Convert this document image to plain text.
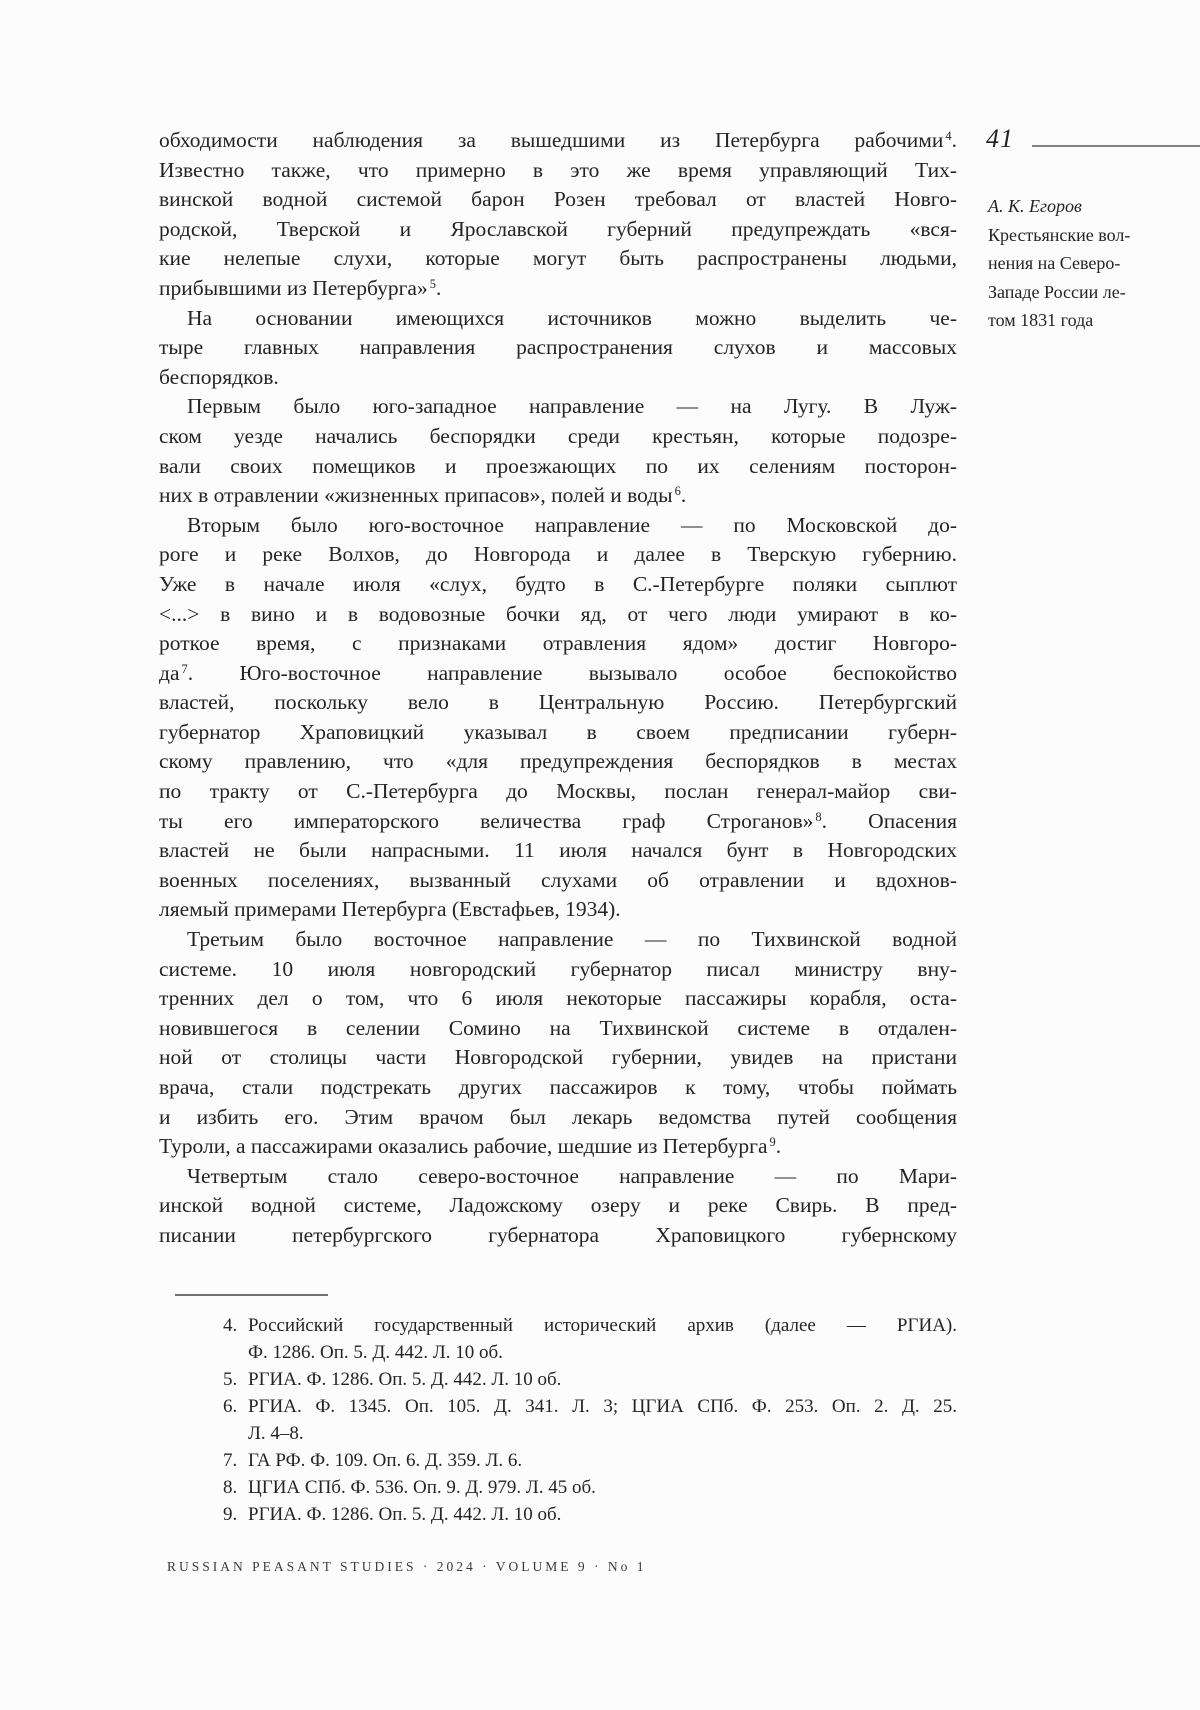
обходимости наблюдения за вышедшими из Петербурга рабочими $^4$.
Известно также, что примерно в это же время управляющий Тих-
винской водной системой барон Розен требовал от властей Новго-
родской, Тверской и Ярославской губерний предупреждать «вся-
кие нелепые слухи, которые могут быть распространены людьми,
прибывшими из Петербурга» $^5$.
На основании имеющихся источников можно выделить че-
тыре главных направления распространения слухов и массовых
беспорядков.
Первым было юго-западное направление — на Лугу. В Луж-
ском уезде начались беспорядки среди крестьян, которые подозре-
вали своих помещиков и проезжающих по их селениям посторон-
них в отравлении «жизненных припасов», полей и воды $^6$.
Вторым было юго-восточное направление — по Московской до-
роге и реке Волхов, до Новгорода и далее в Тверскую губернию.
Уже в начале июля «слух, будто в С.-Петербурге поляки сыплют
<...> в вино и в водовозные бочки яд, от чего люди умирают в ко-
роткое время, с признаками отравления ядом» достиг Новгоро-
да $^7$. Юго-восточное направление вызывало особое беспокойство
властей, поскольку вело в Центральную Россию. Петербургский
губернатор Храповицкий указывал в своем предписании губерн-
скому правлению, что «для предупреждения беспорядков в местах
по тракту от С.-Петербурга до Москвы, послан генерал-майор сви-
ты его императорского величества граф Строганов» $^8$. Опасения
властей не были напрасными. 11 июля начался бунт в Новгородских
военных поселениях, вызванный слухами об отравлении и вдохнов-
ляемый примерами Петербурга (Евстафьев, 1934).
Третьим было восточное направление — по Тихвинской водной
системе. 10 июля новгородский губернатор писал министру вну-
тренних дел о том, что 6 июля некоторые пассажиры корабля, оста-
новившегося в селении Сомино на Тихвинской системе в отдален-
ной от столицы части Новгородской губернии, увидев на пристани
врача, стали подстрекать других пассажиров к тому, чтобы поймать
и избить его. Этим врачом был лекарь ведомства путей сообщения
Туроли, а пассажирами оказались рабочие, шедшие из Петербурга $^9$.
Четвертым стало северо-восточное направление — по Мари-
инской водной системе, Ладожскому озеру и реке Свирь. В пред-
писании петербургского губернатора Храповицкого губернскому
41
А. К. Егоров
Крестьянские вол-
нения на Северо-
Западе России ле-
том 1831 года
4. Российский государственный исторический архив (далее — РГИА).
Ф. 1286. Оп. 5. Д. 442. Л. 10 об.
5. РГИА. Ф. 1286. Оп. 5. Д. 442. Л. 10 об.
6. РГИА. Ф. 1345. Оп. 105. Д. 341. Л. 3; ЦГИА СПб. Ф. 253. Оп. 2. Д. 25.
Л. 4–8.
7. ГА РФ. Ф. 109. Оп. 6. Д. 359. Л. 6.
8. ЦГИА СПб. Ф. 536. Оп. 9. Д. 979. Л. 45 об.
9. РГИА. Ф. 1286. Оп. 5. Д. 442. Л. 10 об.
RUSSIAN PEASANT STUDIES · 2024 · VOLUME 9 · No 1
